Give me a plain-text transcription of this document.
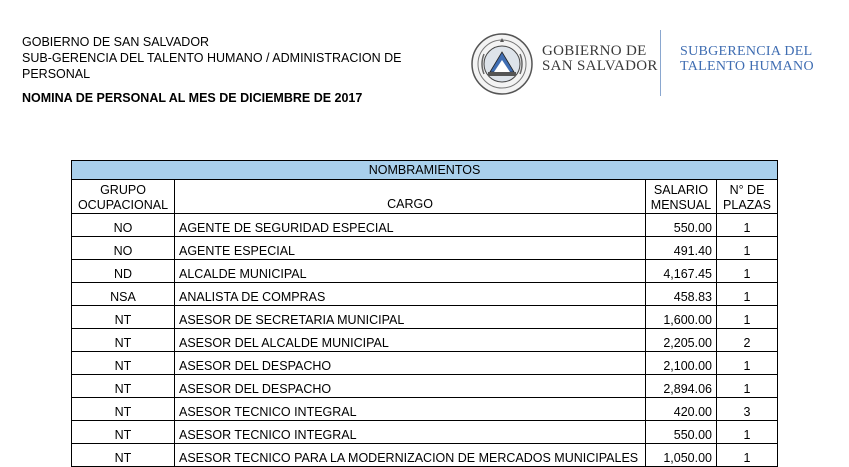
GOBIERNO DE SAN SALVADOR
SUB-GERENCIA DEL TALENTO HUMANO / ADMINISTRACION DE PERSONAL
NOMINA DE PERSONAL AL MES DE DICIEMBRE DE 2017
GOBIERNO DE
SAN SALVADOR
SUBGERENCIA DEL
TALENTO HUMANO
NOMBRAMIENTOS			
GRUPO OCUPACIONAL	CARGO	SALARIO MENSUAL	N° DE PLAZAS
NO	AGENTE DE SEGURIDAD ESPECIAL	550.00	1
NO	AGENTE ESPECIAL	491.40	1
ND	ALCALDE MUNICIPAL	4,167.45	1
NSA	ANALISTA DE COMPRAS	458.83	1
NT	ASESOR DE SECRETARIA MUNICIPAL	1,600.00	1
NT	ASESOR DEL ALCALDE MUNICIPAL	2,205.00	2
NT	ASESOR DEL DESPACHO	2,100.00	1
NT	ASESOR DEL DESPACHO	2,894.06	1
NT	ASESOR TECNICO INTEGRAL	420.00	3
NT	ASESOR TECNICO INTEGRAL	550.00	1
NT	ASESOR TECNICO PARA LA MODERNIZACION DE MERCADOS MUNICIPALES	1,050.00	1
